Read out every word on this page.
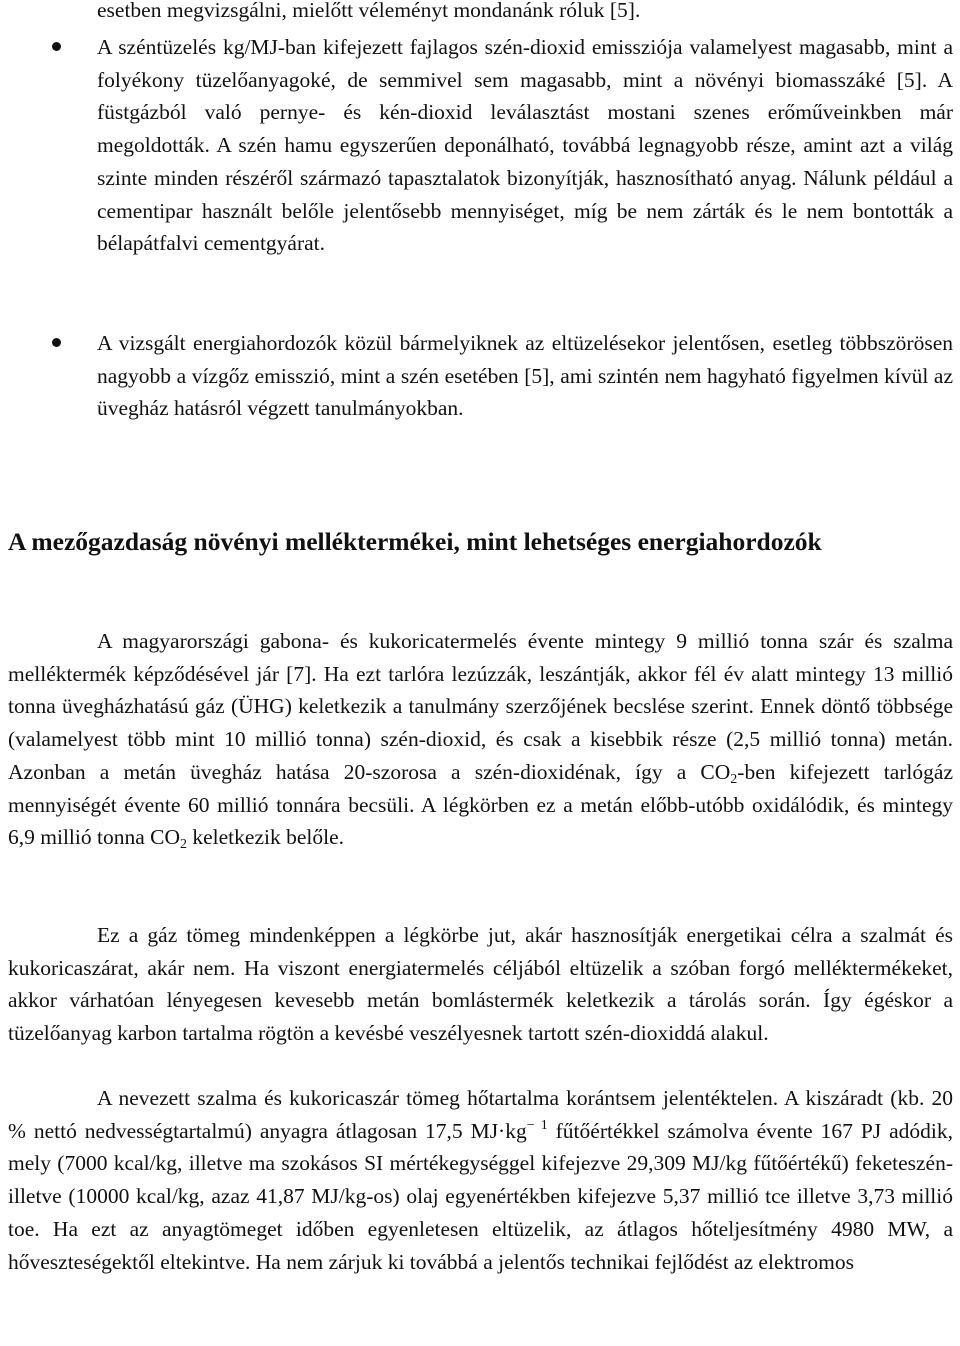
esetben megvizsgálni, mielőtt véleményt mondanánk róluk [5].

A széntüzelés kg/MJ-ban kifejezett fajlagos szén-dioxid emissziója valamelyest magasabb, mint a folyékony tüzelőanyagoké, de semmivel sem magasabb, mint a növényi biomasszáké [5]. A füstgázból való pernye- és kén-dioxid leválasztást mostani szenes erőműveinkben már megoldották. A szén hamu egyszerűen deponálható, továbbá legnagyobb része, amint azt a világ szinte minden részéről származó tapasztalatok bizonyítják, hasznosítható anyag. Nálunk például a cementipar használt belőle jelentősebb mennyiséget, míg be nem zárták és le nem bontották a bélapátfalvi cementgyárat.

A vizsgált energiahordozók közül bármelyiknek az eltüzelésekor jelentősen, esetleg többszörösen nagyobb a vízgőz emisszió, mint a szén esetében [5], ami szintén nem hagyható figyelmen kívül az üvegház hatásról végzett tanulmányokban.

A mezőgazdaság növényi melléktermékei, mint lehetséges energiahordozók

A magyarországi gabona- és kukoricatermelés évente mintegy 9 millió tonna szár és szalma melléktermék képződésével jár [7]. Ha ezt tarlóra lezúzzák, leszántják, akkor fél év alatt mintegy 13 millió tonna üvegházhatású gáz (ÜHG) keletkezik a tanulmány szerzőjének becslése szerint. Ennek döntő többsége (valamelyest több mint 10 millió tonna) szén-dioxid, és csak a kisebbik része (2,5 millió tonna) metán. Azonban a metán üvegház hatása 20-szorosa a szén-dioxidénak, így a $CO_2$-ben kifejezett tarlógáz mennyiségét évente 60 millió tonnára becsüli. A légkörben ez a metán előbb-utóbb oxidálódik, és mintegy 6,9 millió tonna $CO_2$ keletkezik belőle.

Ez a gáz tömeg mindenképpen a légkörbe jut, akár hasznosítják energetikai célra a szalmát és kukoricaszárat, akár nem. Ha viszont energiatermelés céljából eltüzelik a szóban forgó melléktermékeket, akkor várhatóan lényegesen kevesebb metán bomlástermék keletkezik a tárolás során. Így égéskor a tüzelőanyag karbon tartalma rögtön a kevésbé veszélyesnek tartott szén-dioxiddá alakul.

A nevezett szalma és kukoricaszár tömeg hőtartalma korántsem jelentéktelen. A kiszáradt (kb. 20 % nettó nedvességtartalmú) anyagra átlagosan 17,5 $MJ\cdot kg^{- 1}$ fűtőértékkel számolva évente 167 PJ adódik, mely (7000 kcal/kg, illetve ma szokásos SI mértékegységgel kifejezve 29,309 MJ/kg fűtőértékű) feketeszén- illetve (10000 kcal/kg, azaz 41,87 MJ/kg-os) olaj egyenértékben kifejezve 5,37 millió tce illetve 3,73 millió toe. Ha ezt az anyagtömeget időben egyenletesen eltüzelik, az átlagos hőteljesítmény 4980 MW, a hőveszteségektől eltekintve. Ha nem zárjuk ki továbbá a jelentős technikai fejlődést az elektromos
